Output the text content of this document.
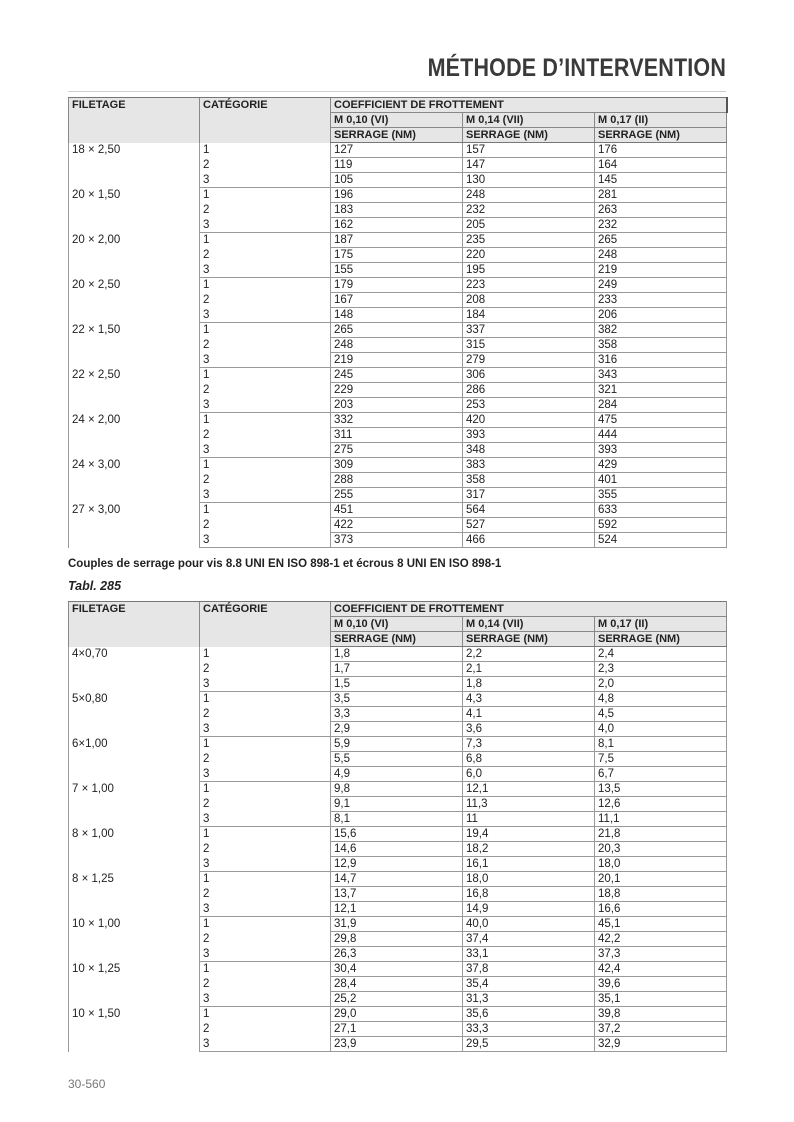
MÉTHODE D’INTERVENTION
FILETAGE	CATÉGORIE	COEFFICIENT DE FROTTEMENT		
		M 0,10 (VI)	M 0,14 (VII)	M 0,17 (II)
		SERRAGE (NM)	SERRAGE (NM)	SERRAGE (NM)
18 × 2,50	1	127	157	176
	2	119	147	164
	3	105	130	145
20 × 1,50	1	196	248	281
	2	183	232	263
	3	162	205	232
20 × 2,00	1	187	235	265
	2	175	220	248
	3	155	195	219
20 × 2,50	1	179	223	249
	2	167	208	233
	3	148	184	206
22 × 1,50	1	265	337	382
	2	248	315	358
	3	219	279	316
22 × 2,50	1	245	306	343
	2	229	286	321
	3	203	253	284
24 × 2,00	1	332	420	475
	2	311	393	444
	3	275	348	393
24 × 3,00	1	309	383	429
	2	288	358	401
	3	255	317	355
27 × 3,00	1	451	564	633
	2	422	527	592
	3	373	466	524
Couples de serrage pour vis 8.8 UNI EN ISO 898-1 et écrous 8 UNI EN ISO 898-1
Tabl. 285
FILETAGE	CATÉGORIE	COEFFICIENT DE FROTTEMENT		
		M 0,10 (VI)	M 0,14 (VII)	M 0,17 (II)
		SERRAGE (NM)	SERRAGE (NM)	SERRAGE (NM)
4×0,70	1	1,8	2,2	2,4
	2	1,7	2,1	2,3
	3	1,5	1,8	2,0
5×0,80	1	3,5	4,3	4,8
	2	3,3	4,1	4,5
	3	2,9	3,6	4,0
6×1,00	1	5,9	7,3	8,1
	2	5,5	6,8	7,5
	3	4,9	6,0	6,7
7 × 1,00	1	9,8	12,1	13,5
	2	9,1	11,3	12,6
	3	8,1	11	11,1
8 × 1,00	1	15,6	19,4	21,8
	2	14,6	18,2	20,3
	3	12,9	16,1	18,0
8 × 1,25	1	14,7	18,0	20,1
	2	13,7	16,8	18,8
	3	12,1	14,9	16,6
10 × 1,00	1	31,9	40,0	45,1
	2	29,8	37,4	42,2
	3	26,3	33,1	37,3
10 × 1,25	1	30,4	37,8	42,4
	2	28,4	35,4	39,6
	3	25,2	31,3	35,1
10 × 1,50	1	29,0	35,6	39,8
	2	27,1	33,3	37,2
	3	23,9	29,5	32,9
30-560
